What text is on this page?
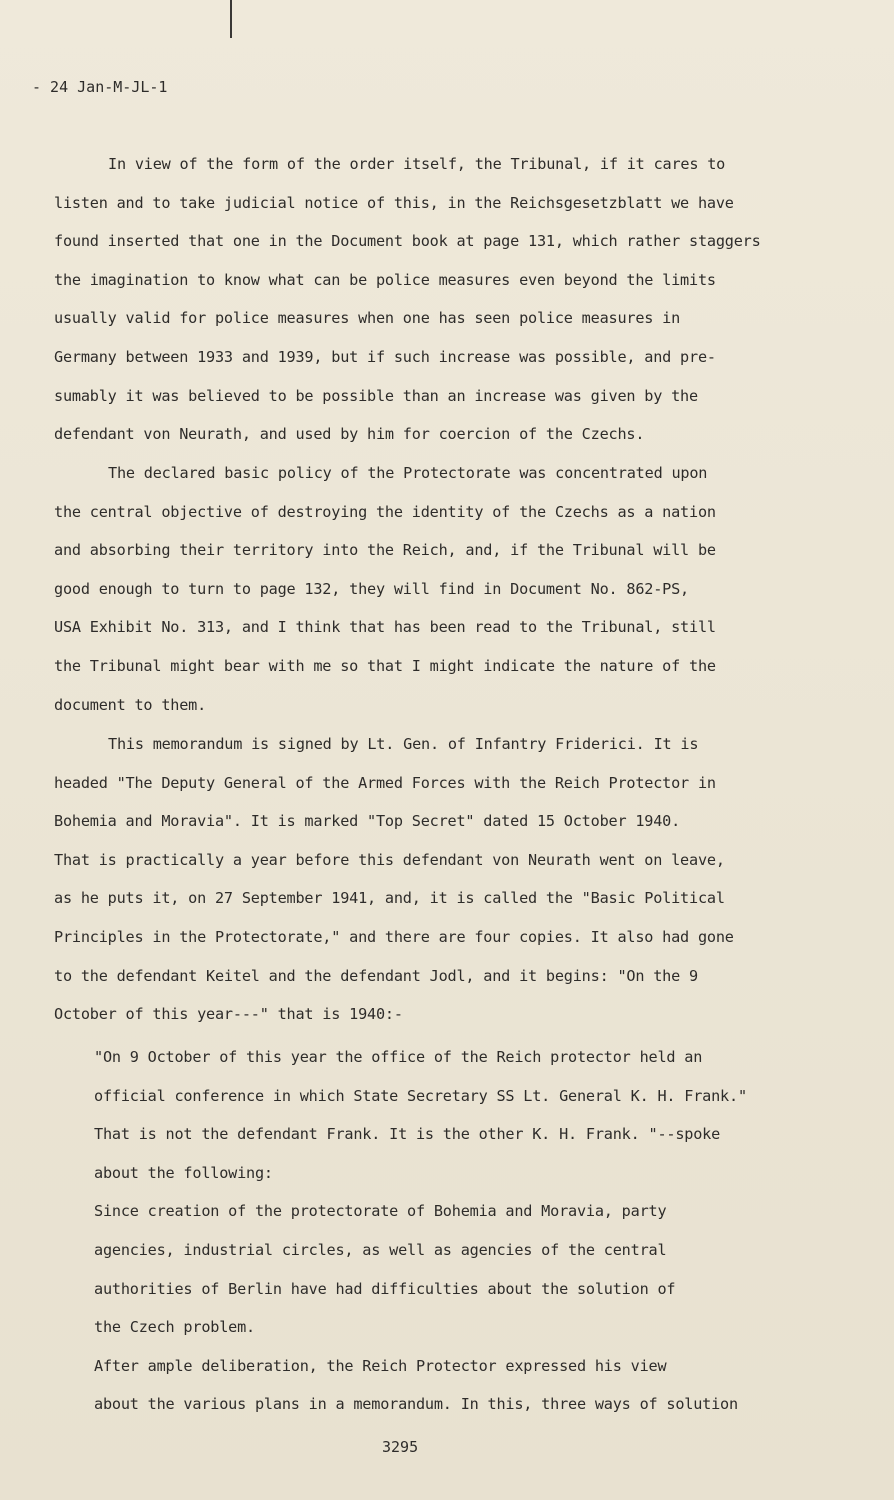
- 24 Jan-M-JL-1
In view of the form of the order itself, the Tribunal, if it cares to
listen and to take judicial notice of this, in the Reichsgesetzblatt we have
found inserted that one in the Document book at page 131, which rather staggers
the imagination to know what can be police measures even beyond the limits
usually valid for police measures when one has seen police measures in
Germany between 1933 and 1939, but if such increase was possible, and pre-
sumably it was believed to be possible than an increase was given by the
defendant von Neurath, and used by him for coercion of the Czechs.
The declared basic policy of the Protectorate was concentrated upon
the central objective of destroying the identity of the Czechs as a nation
and absorbing their territory into the Reich, and, if the Tribunal will be
good enough to turn to page 132, they will find in Document No. 862-PS,
USA Exhibit No. 313, and I think that has been read to the Tribunal, still
the Tribunal might bear with me so that I might indicate the nature of the
document to them.
This memorandum is signed by Lt. Gen. of Infantry Friderici. It is
headed "The Deputy General of the Armed Forces with the Reich Protector in
Bohemia and Moravia". It is marked "Top Secret" dated 15 October 1940.
That is practically a year before this defendant von Neurath went on leave,
as he puts it, on 27 September 1941, and, it is called the "Basic Political
Principles in the Protectorate," and there are four copies. It also had gone
to the defendant Keitel and the defendant Jodl, and it begins: "On the 9
October of this year---" that is 1940:-
"On 9 October of this year the office of the Reich protector held an
official conference in which State Secretary SS Lt. General K. H. Frank."
That is not the defendant Frank. It is the other K. H. Frank. "--spoke
about the following:
Since creation of the protectorate of Bohemia and Moravia, party
agencies, industrial circles, as well as agencies of the central
authorities of Berlin have had difficulties about the solution of
the Czech problem.
After ample deliberation, the Reich Protector expressed his view
about the various plans in a memorandum. In this, three ways of solution
3295
